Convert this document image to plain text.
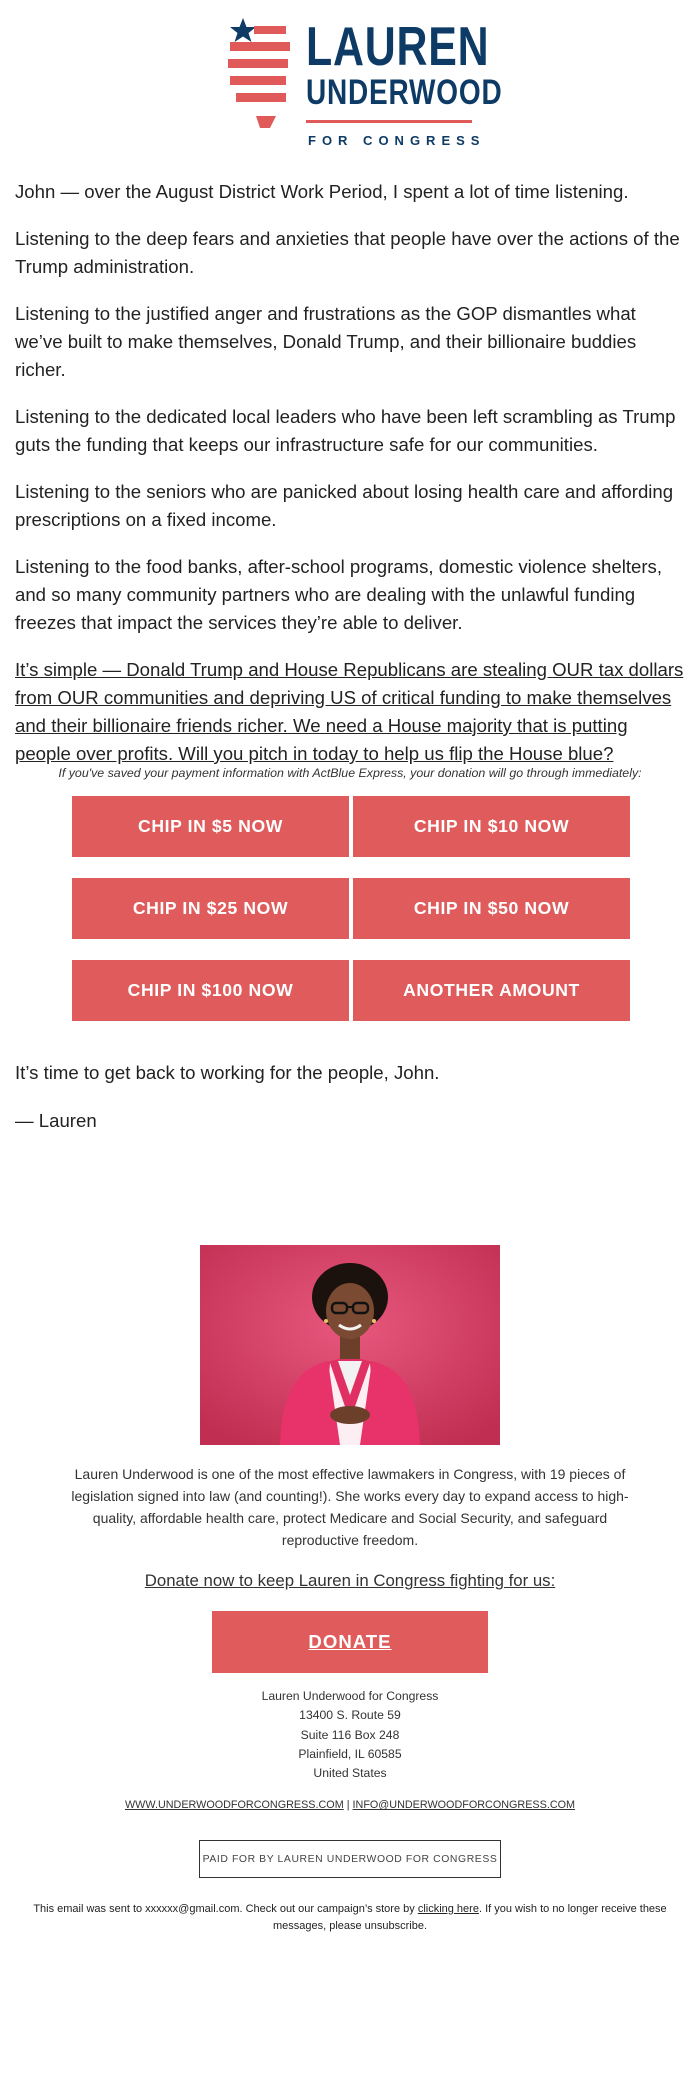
LAUREN
UNDERWOOD
FOR CONGRESS

John — over the August District Work Period, I spent a lot of time listening.

Listening to the deep fears and anxieties that people have over the actions of the Trump administration.

Listening to the justified anger and frustrations as the GOP dismantles what we’ve built to make themselves, Donald Trump, and their billionaire buddies richer.

Listening to the dedicated local leaders who have been left scrambling as Trump guts the funding that keeps our infrastructure safe for our communities.

Listening to the seniors who are panicked about losing health care and affording prescriptions on a fixed income.

Listening to the food banks, after-school programs, domestic violence shelters, and so many community partners who are dealing with the unlawful funding freezes that impact the services they’re able to deliver.

It’s simple — Donald Trump and House Republicans are stealing OUR tax dollars from OUR communities and depriving US of critical funding to make themselves and their billionaire friends richer. We need a House majority that is putting people over profits. Will you pitch in today to help us flip the House blue?

If you've saved your payment information with ActBlue Express, your donation will go through immediately:
CHIP IN $5 NOW	CHIP IN $10 NOW
CHIP IN $25 NOW	CHIP IN $50 NOW
CHIP IN $100 NOW	ANOTHER AMOUNT

It’s time to get back to working for the people, John.

— Lauren

Lauren Underwood is one of the most effective lawmakers in Congress, with 19 pieces of legislation signed into law (and counting!). She works every day to expand access to high-quality, affordable health care, protect Medicare and Social Security, and safeguard reproductive freedom.
Donate now to keep Lauren in Congress fighting for us:
DONATE
Lauren Underwood for Congress
13400 S. Route 59
Suite 116 Box 248
Plainfield, IL 60585
United States
WWW.UNDERWOODFORCONGRESS.COM | INFO@UNDERWOODFORCONGRESS.COM
PAID FOR BY LAUREN UNDERWOOD FOR CONGRESS
This email was sent to xxxxxx@gmail.com. Check out our campaign’s store by clicking here. If you wish to no longer receive these messages, please unsubscribe.
